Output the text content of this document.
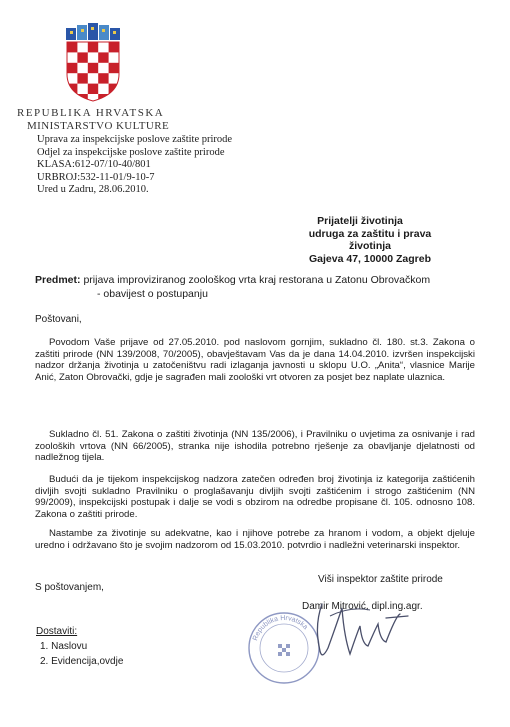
REPUBLIKA HRVATSKA
MINISTARSTVO KULTURE
Uprava za inspekcijske poslove zaštite prirode
Odjel za inspekcijske poslove zaštite prirode
KLASA:612-07/10-40/801
URBROJ:532-11-01/9-10-7
Ured u Zadru, 28.06.2010.
Prijatelji životinja
udruga za zaštitu i prava životinja
Gajeva 47, 10000 Zagreb
Predmet: prijava improviziranog zoološkog vrta kraj restorana u Zatonu Obrovačkom
- obavijest o postupanju
Poštovani,
Povodom Vaše prijave od 27.05.2010. pod naslovom gornjim, sukladno čl. 180. st.3. Zakona o zaštiti prirode (NN 139/2008, 70/2005), obavještavam Vas da je dana 14.04.2010. izvršen inspekcijski nadzor držanja životinja u zatočeništvu radi izlaganja javnosti u sklopu U.O. „Anita“, vlasnice Marije Anić, Zaton Obrovački, gdje je sagrađen mali zoološki vrt otvoren za posjet bez naplate ulaznica.
Sukladno čl. 51. Zakona o zaštiti životinja (NN 135/2006), i Pravilniku o uvjetima za osnivanje i rad zooloških vrtova (NN 66/2005), stranka nije ishodila potrebno rješenje za obavljanje djelatnosti od nadležnog tijela.
Budući da je tijekom inspekcijskog nadzora zatečen određen broj životinja iz kategorija zaštićenih divljih svojti sukladno Pravilniku o proglašavanju divljih svojti zaštićenim i strogo zaštićenim (NN 99/2009), inspekcijski postupak i dalje se vodi s obzirom na odredbe propisane čl. 105. odnosno 108. Zakona o zaštiti prirode.
Nastambe za životinje su adekvatne, kao i njihove potrebe za hranom i vodom, a objekt djeluje uredno i održavano što je svojim nadzorom od 15.03.2010. potvrdio i nadležni veterinarski inspektor.
S poštovanjem,
Viši inspektor zaštite prirode
Damir Mitrović, dipl.ing.agr.
Republika Hrvatska
Dostaviti:
1. Naslovu
2. Evidencija,ovdje
